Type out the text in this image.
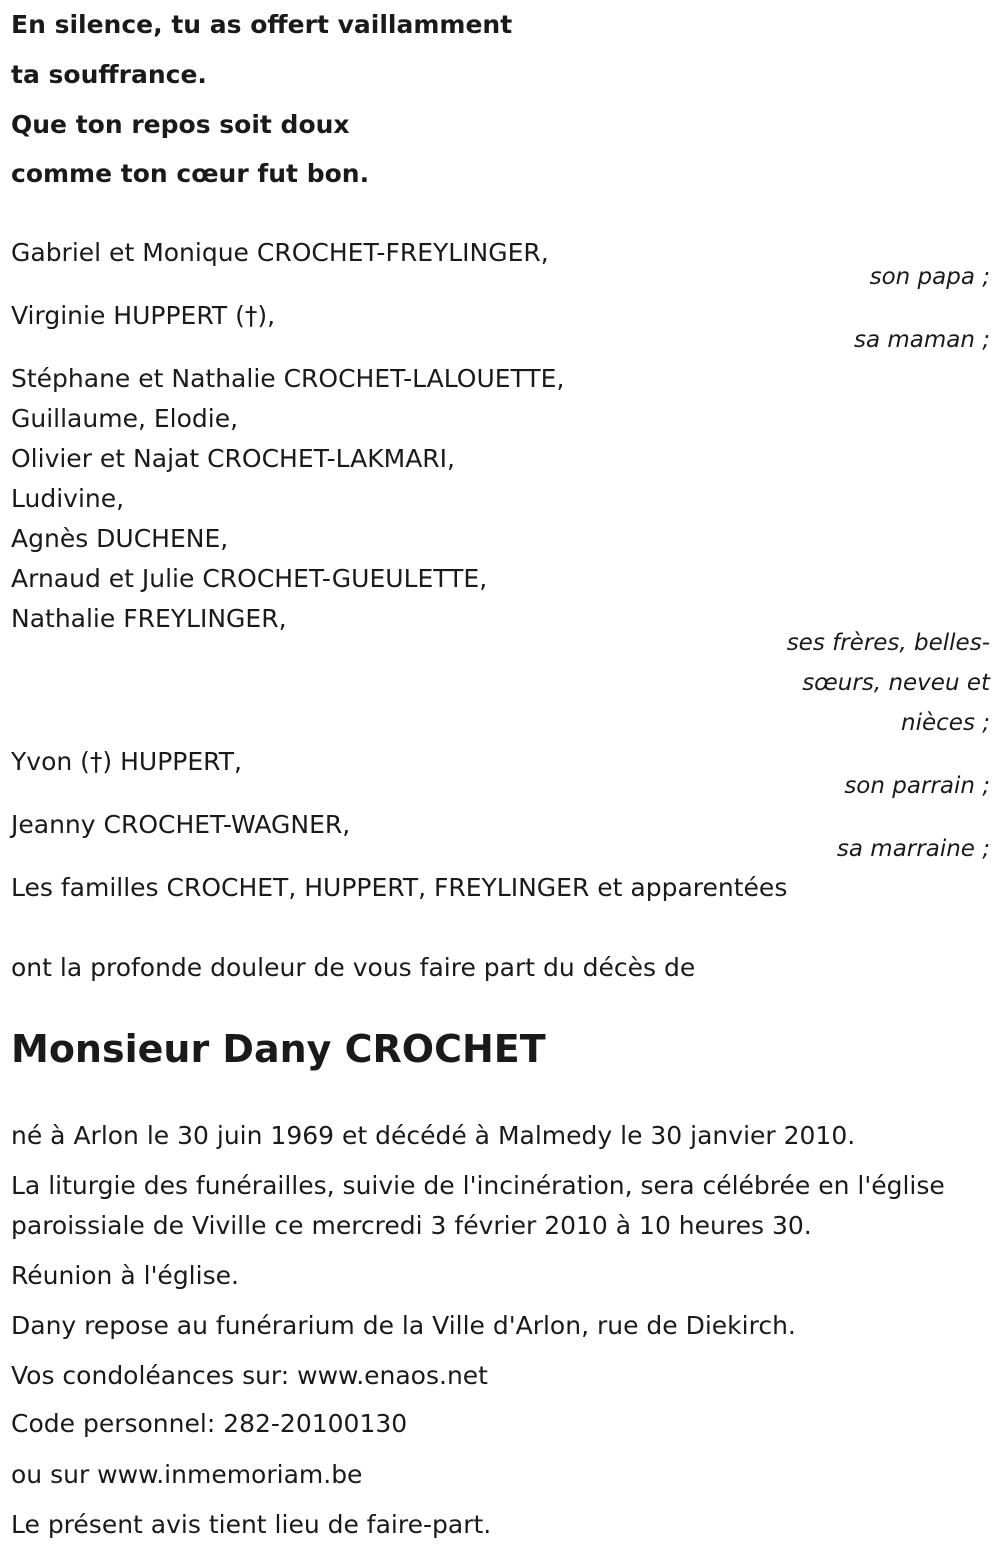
En silence, tu as offert vaillamment
ta souffrance.
Que ton repos soit doux
comme ton cœur fut bon.
Gabriel et Monique CROCHET-FREYLINGER,
son papa ;
Virginie HUPPERT (†),
sa maman ;
Stéphane et Nathalie CROCHET-LALOUETTE,
Guillaume, Elodie,
Olivier et Najat CROCHET-LAKMARI,
Ludivine,
Agnès DUCHENE,
Arnaud et Julie CROCHET-GUEULETTE,
Nathalie FREYLINGER,
ses frères, belles-
sœurs, neveu et
nièces ;
Yvon (†) HUPPERT,
son parrain ;
Jeanny CROCHET-WAGNER,
sa marraine ;
Les familles CROCHET, HUPPERT, FREYLINGER et apparentées
ont la profonde douleur de vous faire part du décès de
Monsieur Dany CROCHET
né à Arlon le 30 juin 1969 et décédé à Malmedy le 30 janvier 2010.
La liturgie des funérailles, suivie de l'incinération, sera célébrée en l'église
paroissiale de Viville ce mercredi 3 février 2010 à 10 heures 30.
Réunion à l'église.
Dany repose au funérarium de la Ville d'Arlon, rue de Diekirch.
Vos condoléances sur: www.enaos.net
Code personnel: 282-20100130
ou sur www.inmemoriam.be
Le présent avis tient lieu de faire-part.
